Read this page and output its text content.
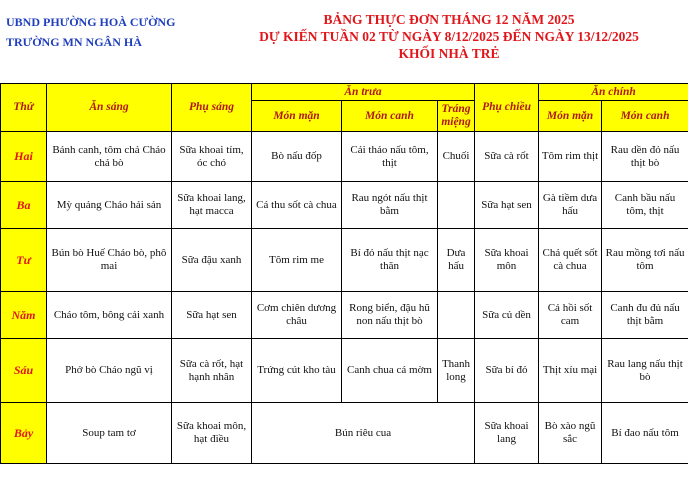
UBND PHƯỜNG HOÀ CƯỜNG
TRƯỜNG MN NGÂN HÀ
BẢNG THỰC ĐƠN THÁNG 12 NĂM 2025
DỰ KIẾN TUẦN 02 TỪ NGÀY 8/12/2025 ĐẾN NGÀY 13/12/2025
KHỐI NHÀ TRẺ
Thứ	Ăn sáng	Phụ sáng	Ăn trưa			Phụ chiều	Ăn chính	
			Món mặn	Món canh	Tráng miệng		Món mặn	Món canh
Hai	Bánh canh, tôm chả Cháo chả bò	Sữa khoai tím, óc chó	Bò nấu đốp	Cải thảo nấu tôm, thịt	Chuối	Sữa cà rốt	Tôm rim thịt	Rau dền đỏ nấu thịt bò
Ba	Mỳ quảng Cháo hải sản	Sữa khoai lang, hạt macca	Cá thu sốt cà chua	Rau ngót nấu thịt bằm		Sữa hạt sen	Gà tiềm dưa hấu	Canh bầu nấu tôm, thịt
Tư	Bún bò Huế Cháo bò, phô mai	Sữa đậu xanh	Tôm rim me	Bí đỏ nấu thịt nạc thăn	Dưa hấu	Sữa khoai môn	Chả quết sốt cà chua	Rau mồng tơi nấu tôm
Năm	Cháo tôm, bông cải xanh	Sữa hạt sen	Cơm chiên dương châu	Rong biển, đậu hũ non nấu thịt bò		Sữa củ dền	Cá hồi sốt cam	Canh đu đủ nấu thịt bằm
Sáu	Phở bò Cháo ngũ vị	Sữa cà rốt, hạt hạnh nhân	Trứng cút kho tàu	Canh chua cá mờm	Thanh long	Sữa bí đỏ	Thịt xíu mại	Rau lang nấu thịt bò
Bảy	Soup tam tơ	Sữa khoai môn, hạt điều	Bún riêu cua			Sữa khoai lang	Bò xào ngũ sắc	Bí đao nấu tôm
